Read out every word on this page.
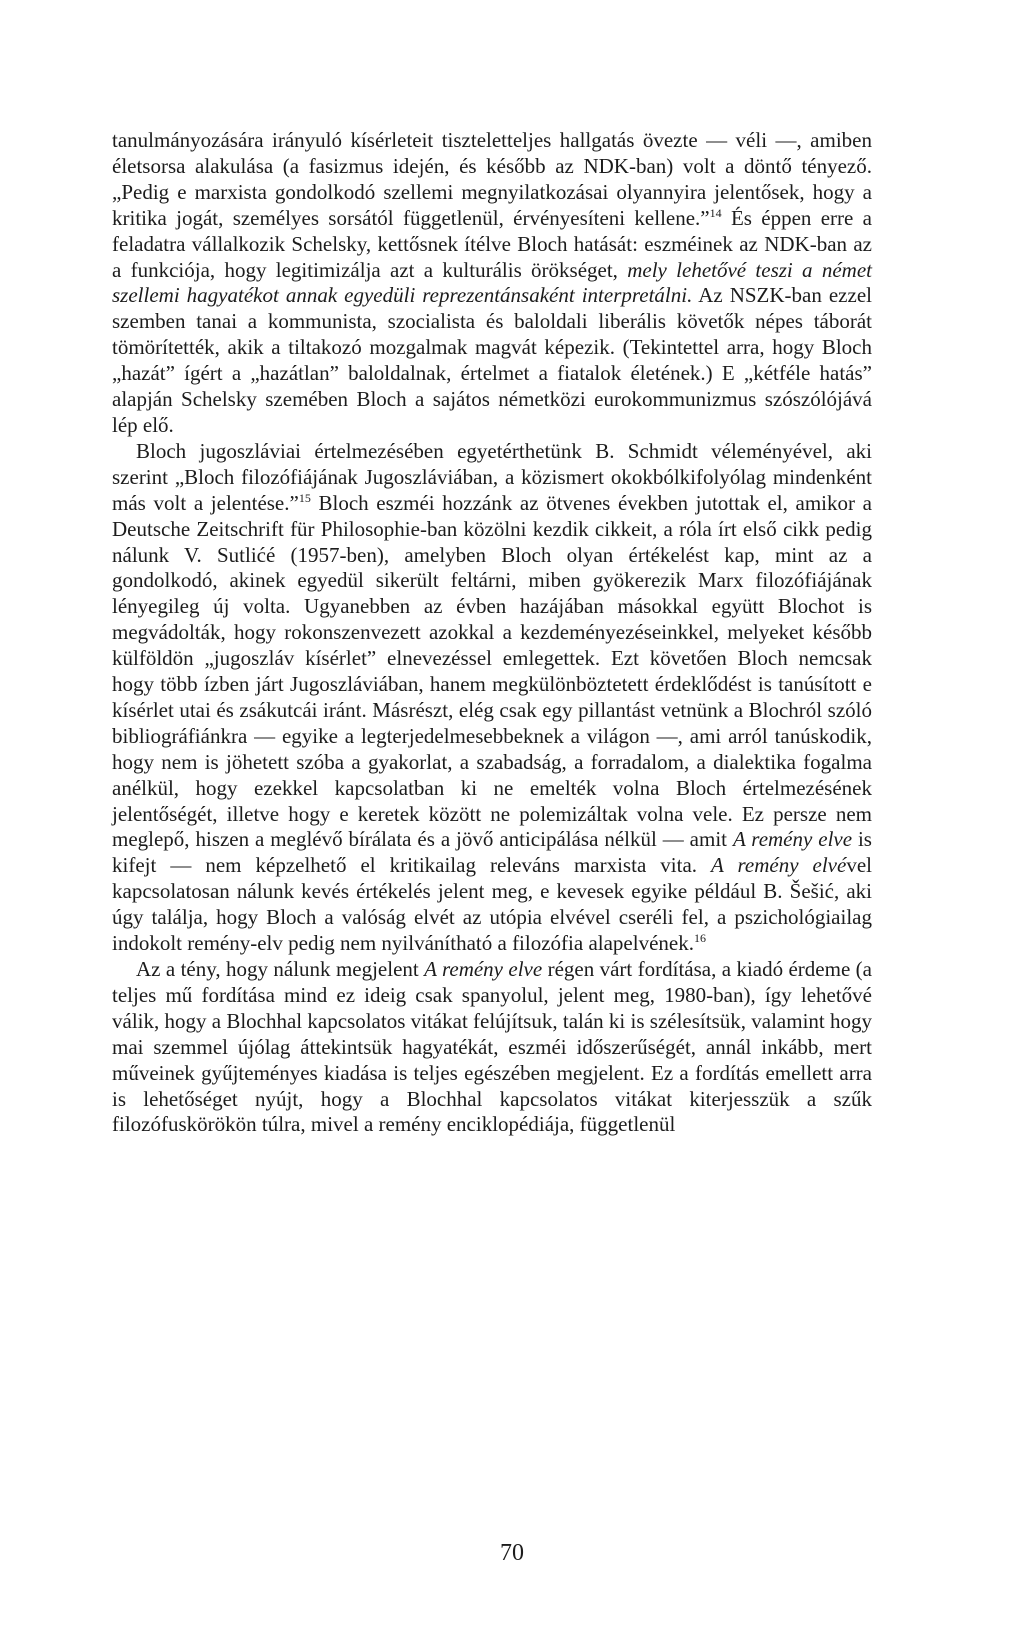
tanulmányozására irányuló kísérleteit tiszteletteljes hallgatás övezte — véli —, amiben életsorsa alakulása (a fasizmus idején, és később az NDK-ban) volt a döntő tényező. „Pedig e marxista gondolkodó szellemi megnyilatkozásai olyannyira jelentősek, hogy a kritika jogát, személyes sorsától függetlenül, érvényesíteni kellene.”$^{14}$ És éppen erre a feladatra vállalkozik Schelsky, kettősnek ítélve Bloch hatását: eszméinek az NDK-ban az a funkciója, hogy legitimizálja azt a kulturális örökséget, mely lehetővé teszi a német szellemi hagyatékot annak egyedüli reprezentánsaként interpretálni. Az NSZK-ban ezzel szemben tanai a kommunista, szocialista és baloldali liberális követők népes táborát tömörítették, akik a tiltakozó mozgalmak magvát képezik. (Tekintettel arra, hogy Bloch „hazát” ígért a „hazátlan” baloldalnak, értelmet a fiatalok életének.) E „kétféle hatás” alapján Schelsky szemében Bloch a sajátos németközi eurokommunizmus szószólójává lép elő.

Bloch jugoszláviai értelmezésében egyetérthetünk B. Schmidt véleményével, aki szerint „Bloch filozófiájának Jugoszláviában, a közismert okokbólkifolyólag mindenként más volt a jelentése.”$^{15}$ Bloch eszméi hozzánk az ötvenes években jutottak el, amikor a Deutsche Zeitschrift für Philosophie-ban közölni kezdik cikkeit, a róla írt első cikk pedig nálunk V. Sutlićé (1957-ben), amelyben Bloch olyan értékelést kap, mint az a gondolkodó, akinek egyedül sikerült feltárni, miben gyökerezik Marx filozófiájának lényegileg új volta. Ugyanebben az évben hazájában másokkal együtt Blochot is megvádolták, hogy rokonszenvezett azokkal a kezdeményezéseinkkel, melyeket később külföldön „jugoszláv kísérlet” elnevezéssel emlegettek. Ezt követően Bloch nemcsak hogy több ízben járt Jugoszláviában, hanem megkülönböztetett érdeklődést is tanúsított e kísérlet utai és zsákutcái iránt. Másrészt, elég csak egy pillantást vetnünk a Blochról szóló bibliográfiánkra — egyike a legterjedelmesebbeknek a világon —, ami arról tanúskodik, hogy nem is jöhetett szóba a gyakorlat, a szabadság, a forradalom, a dialektika fogalma anélkül, hogy ezekkel kapcsolatban ki ne emelték volna Bloch értelmezésének jelentőségét, illetve hogy e keretek között ne polemizáltak volna vele. Ez persze nem meglepő, hiszen a meglévő bírálata és a jövő anticipálása nélkül — amit A remény elve is kifejt — nem képzelhető el kritikailag releváns marxista vita. A remény elvével kapcsolatosan nálunk kevés értékelés jelent meg, e kevesek egyike például B. Šešić, aki úgy találja, hogy Bloch a valóság elvét az utópia elvével cseréli fel, a pszichológiailag indokolt remény-elv pedig nem nyilvánítható a filozófia alapelvének.$^{16}$

Az a tény, hogy nálunk megjelent A remény elve régen várt fordítása, a kiadó érdeme (a teljes mű fordítása mind ez ideig csak spanyolul, jelent meg, 1980-ban), így lehetővé válik, hogy a Blochhal kapcsolatos vitákat felújítsuk, talán ki is szélesítsük, valamint hogy mai szemmel újólag áttekintsük hagyatékát, eszméi időszerűségét, annál inkább, mert műveinek gyűjteményes kiadása is teljes egészében megjelent. Ez a fordítás emellett arra is lehetőséget nyújt, hogy a Blochhal kapcsolatos vitákat kiterjesszük a szűk filozófuskörökön túlra, mivel a remény enciklopédiája, függetlenül

70
